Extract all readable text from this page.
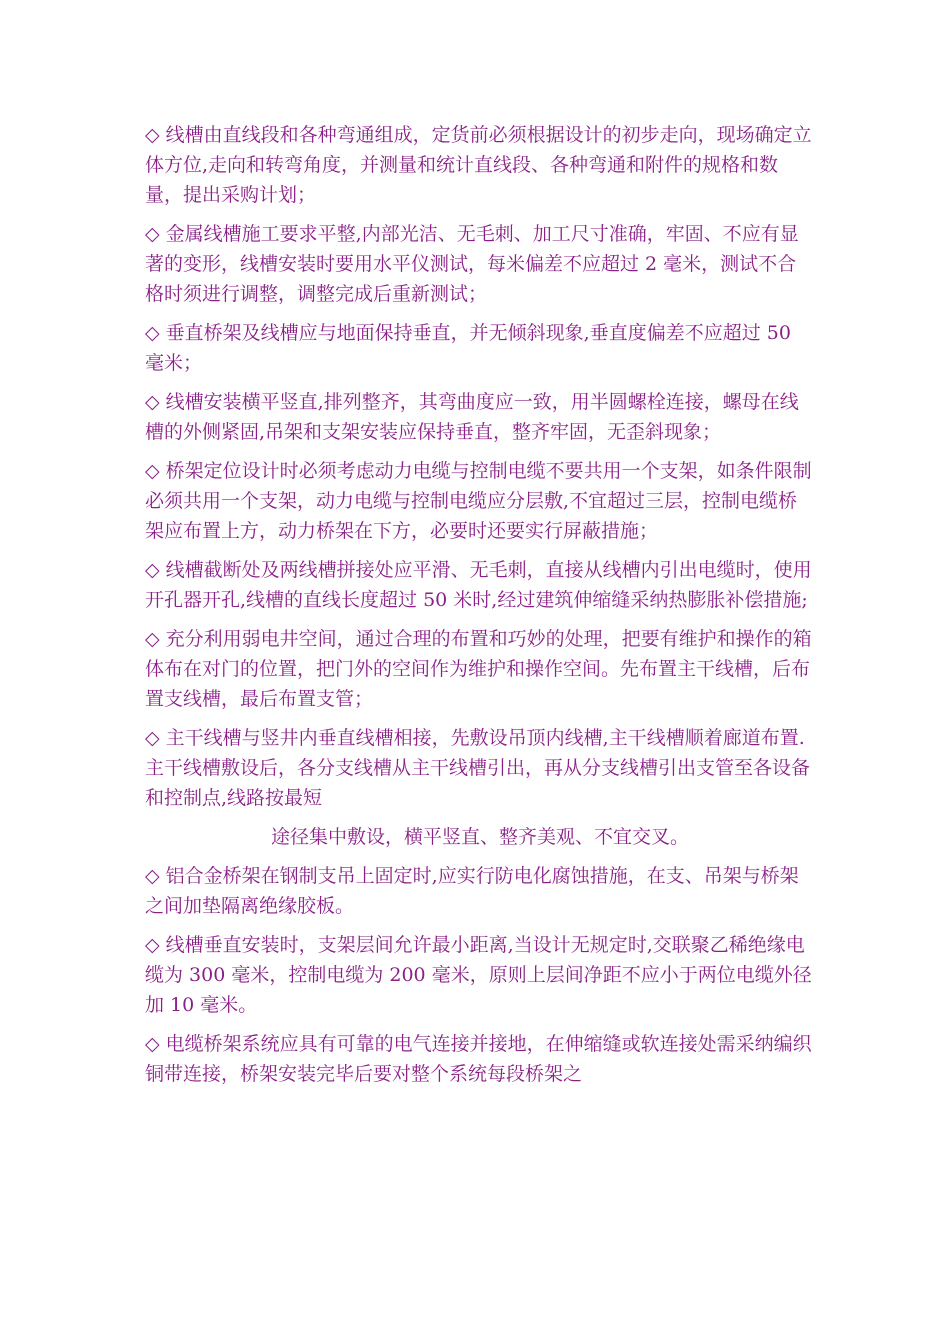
◇ 线槽由直线段和各种弯通组成，定货前必须根据设计的初步走向，现场确定立体方位,走向和转弯角度，并测量和统计直线段、各种弯通和附件的规格和数量，提出采购计划；

◇ 金属线槽施工要求平整,内部光洁、无毛刺、加工尺寸准确，牢固、不应有显著的变形，线槽安装时要用水平仪测试，每米偏差不应超过 2 毫米，测试不合格时须进行调整，调整完成后重新测试；

◇ 垂直桥架及线槽应与地面保持垂直，并无倾斜现象,垂直度偏差不应超过 50 毫米；

◇ 线槽安装横平竖直,排列整齐，其弯曲度应一致，用半圆螺栓连接，螺母在线槽的外侧紧固,吊架和支架安装应保持垂直，整齐牢固，无歪斜现象；

◇ 桥架定位设计时必须考虑动力电缆与控制电缆不要共用一个支架，如条件限制必须共用一个支架，动力电缆与控制电缆应分层敷,不宜超过三层，控制电缆桥架应布置上方，动力桥架在下方，必要时还要实行屏蔽措施；

◇ 线槽截断处及两线槽拼接处应平滑、无毛刺，直接从线槽内引出电缆时，使用开孔器开孔,线槽的直线长度超过 50 米时,经过建筑伸缩缝采纳热膨胀补偿措施;

◇ 充分利用弱电井空间，通过合理的布置和巧妙的处理，把要有维护和操作的箱体布在对门的位置，把门外的空间作为维护和操作空间。先布置主干线槽，后布置支线槽，最后布置支管；

◇ 主干线槽与竖井内垂直线槽相接，先敷设吊顶内线槽,主干线槽顺着廊道布置.主干线槽敷设后，各分支线槽从主干线槽引出，再从分支线槽引出支管至各设备和控制点,线路按最短

途径集中敷设，横平竖直、整齐美观、不宜交叉。

◇ 铝合金桥架在钢制支吊上固定时,应实行防电化腐蚀措施，在支、吊架与桥架之间加垫隔离绝缘胶板。

◇ 线槽垂直安装时，支架层间允许最小距离,当设计无规定时,交联聚乙稀绝缘电缆为 300 毫米，控制电缆为 200 毫米，原则上层间净距不应小于两位电缆外径加 10 毫米。

◇ 电缆桥架系统应具有可靠的电气连接并接地，在伸缩缝或软连接处需采纳编织铜带连接，桥架安装完毕后要对整个系统每段桥架之
